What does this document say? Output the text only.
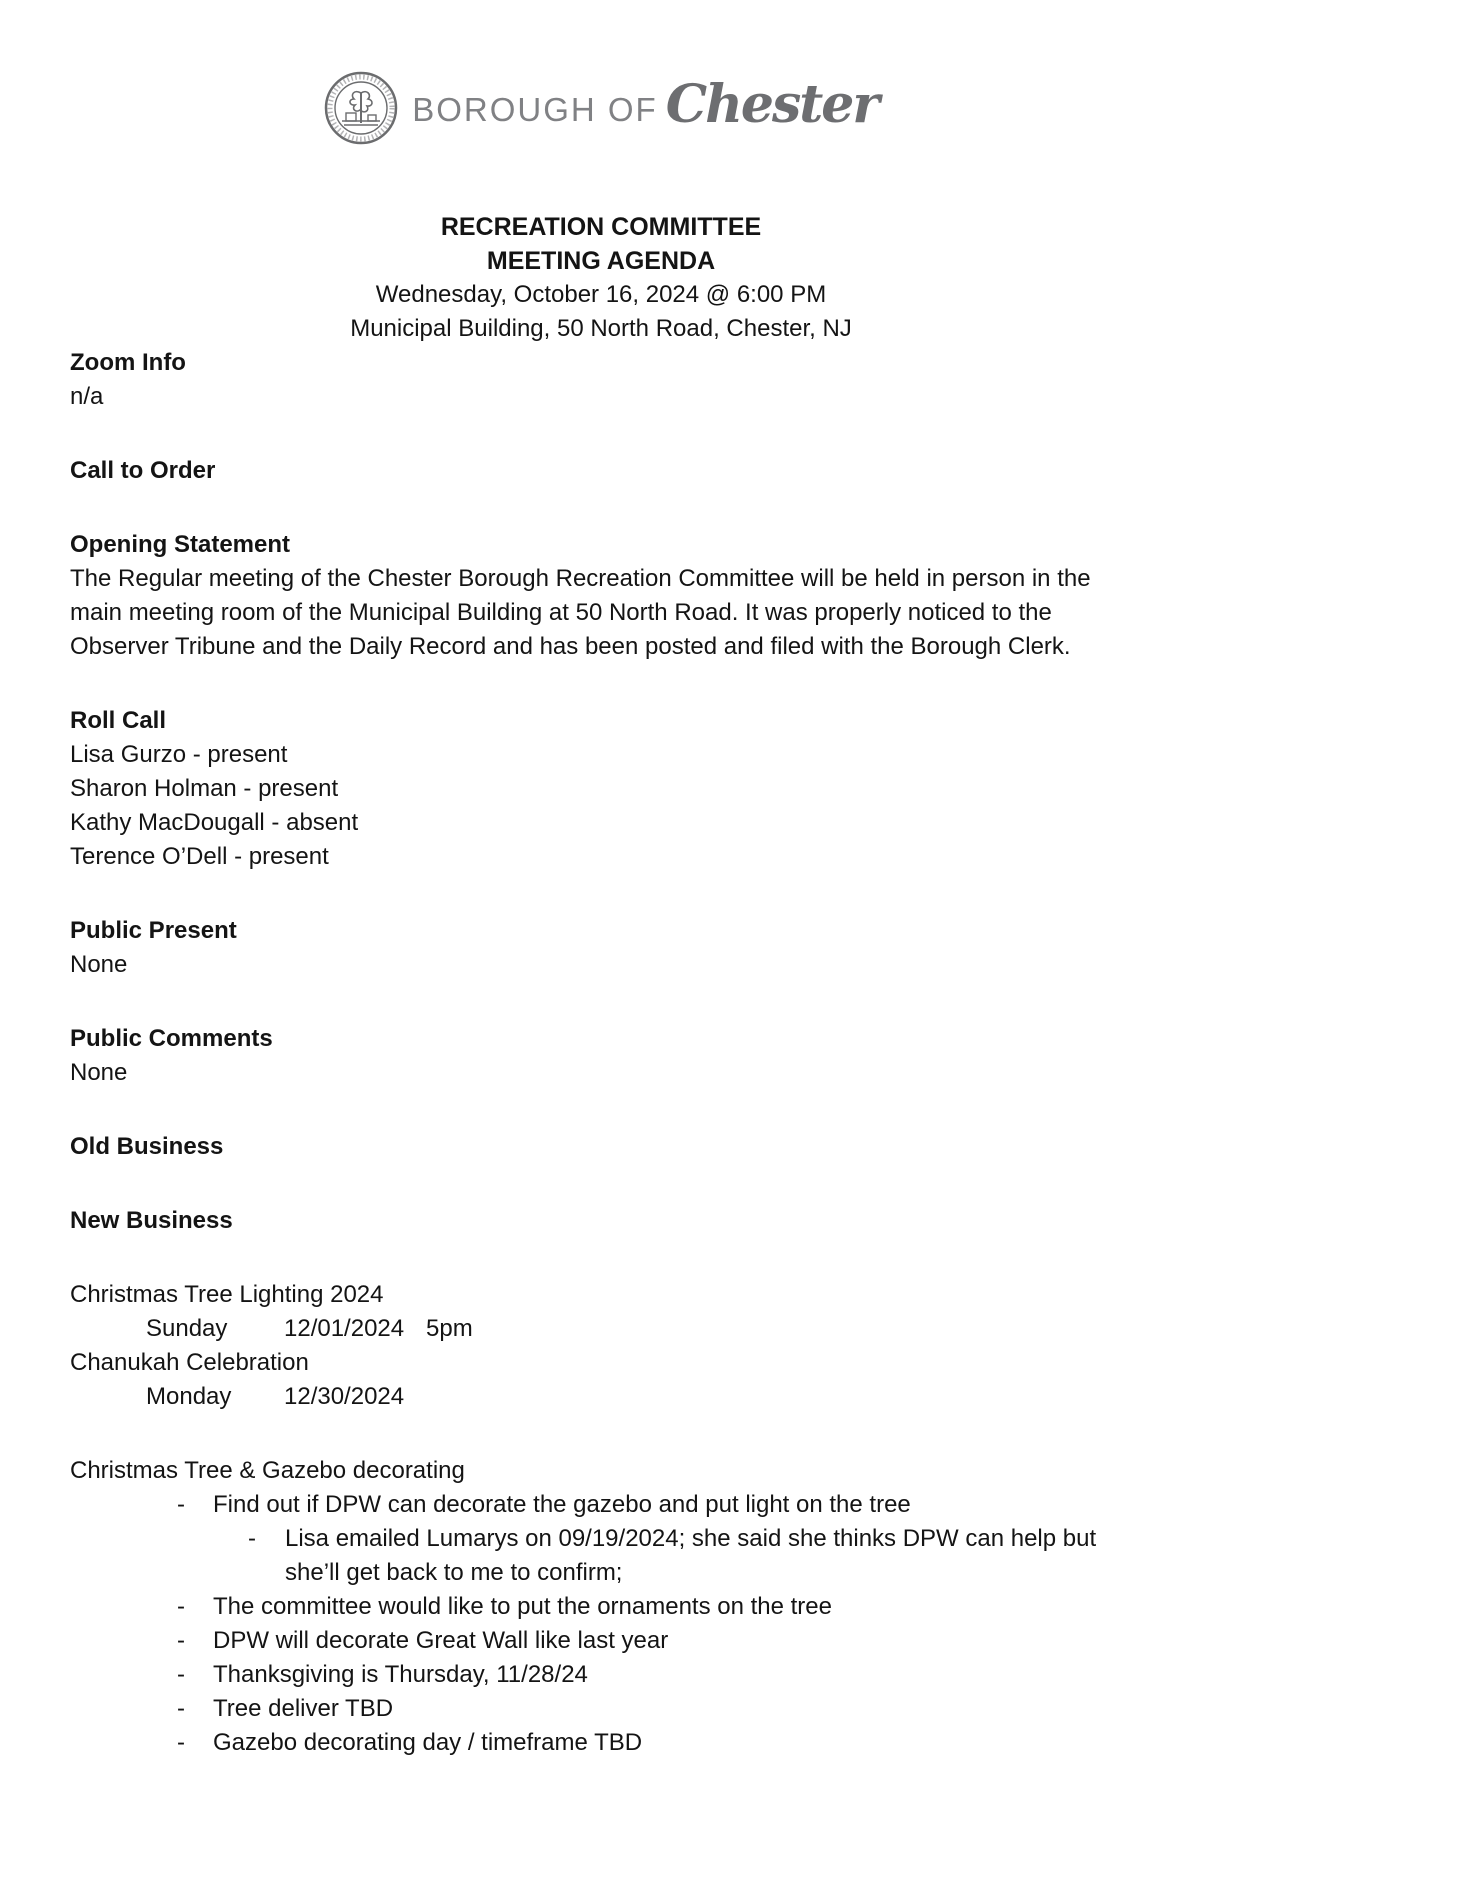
BOROUGH OF Chester
RECREATION COMMITTEE
MEETING AGENDA
Wednesday, October 16, 2024 @ 6:00 PM
Municipal Building, 50 North Road, Chester, NJ
Zoom Info
n/a
Call to Order
Opening Statement
The Regular meeting of the Chester Borough Recreation Committee will be held in person in the main meeting room of the Municipal Building at 50 North Road. It was properly noticed to the Observer Tribune and the Daily Record and has been posted and filed with the Borough Clerk.
Roll Call
Lisa Gurzo - present
Sharon Holman - present
Kathy MacDougall - absent
Terence O’Dell - present
Public Present
None
Public Comments
None
Old Business
New Business
Christmas Tree Lighting 2024
Sunday 12/01/2024 5pm
Chanukah Celebration
Monday 12/30/2024
Christmas Tree & Gazebo decorating
- Find out if DPW can decorate the gazebo and put light on the tree
- Lisa emailed Lumarys on 09/19/2024; she said she thinks DPW can help but she’ll get back to me to confirm;
- The committee would like to put the ornaments on the tree
- DPW will decorate Great Wall like last year
- Thanksgiving is Thursday, 11/28/24
- Tree deliver TBD
- Gazebo decorating day / timeframe TBD
